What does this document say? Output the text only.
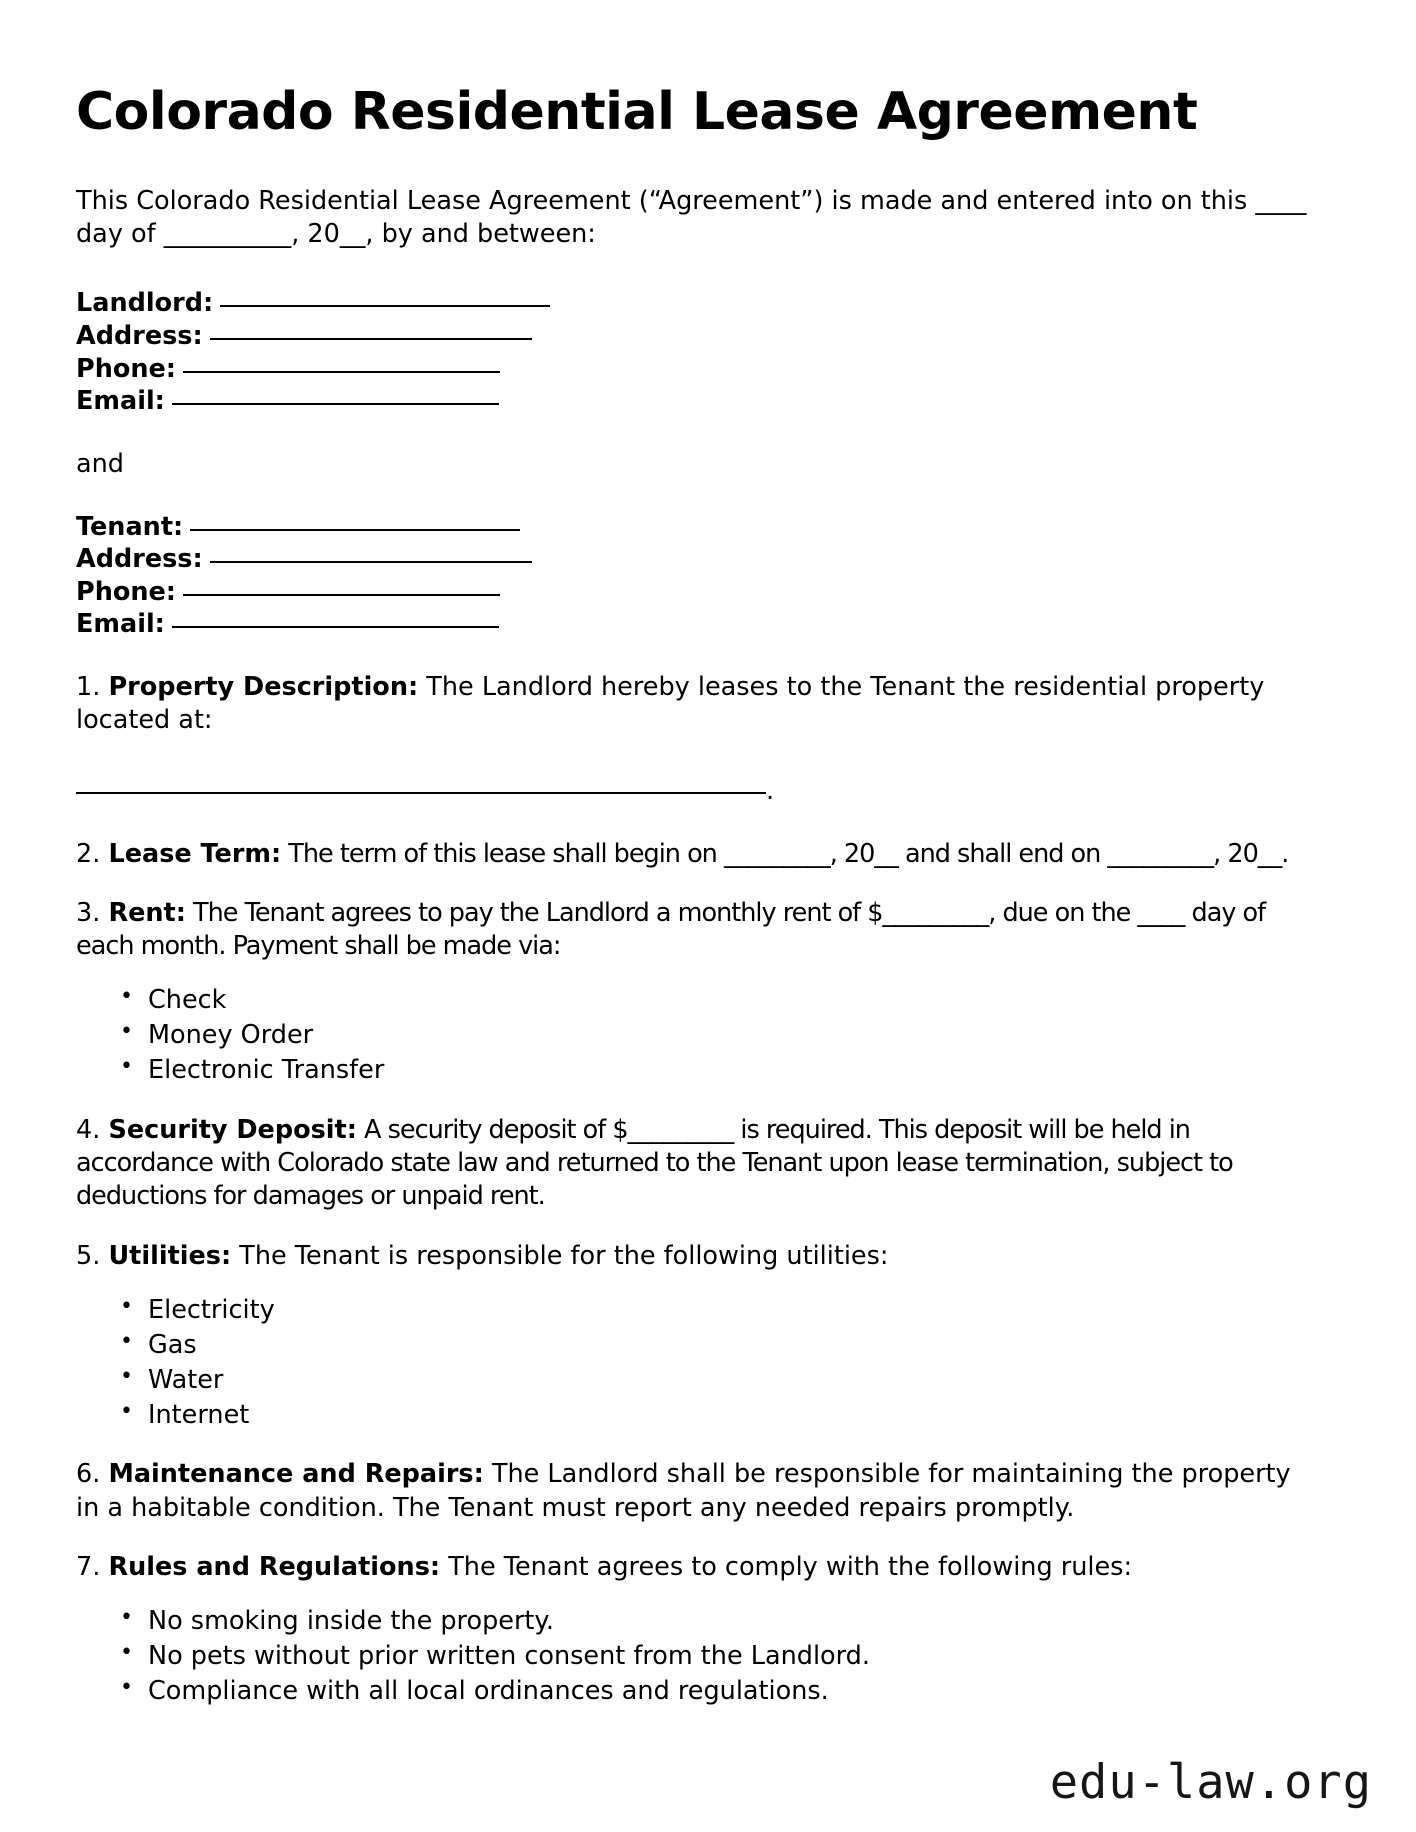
Colorado Residential Lease Agreement

This Colorado Residential Lease Agreement (“Agreement”) is made and entered into on this ____ day of __________, 20__, by and between:

Landlord:
Address:
Phone:
Email:

and

Tenant:
Address:
Phone:
Email:

1. Property Description: The Landlord hereby leases to the Tenant the residential property located at:

.

2. Lease Term: The term of this lease shall begin on _________, 20__ and shall end on _________, 20__.

3. Rent: The Tenant agrees to pay the Landlord a monthly rent of $_________, due on the ____ day of each month. Payment shall be made via:

• Check
• Money Order
• Electronic Transfer

4. Security Deposit: A security deposit of $_________ is required. This deposit will be held in accordance with Colorado state law and returned to the Tenant upon lease termination, subject to deductions for damages or unpaid rent.

5. Utilities: The Tenant is responsible for the following utilities:

• Electricity
• Gas
• Water
• Internet

6. Maintenance and Repairs: The Landlord shall be responsible for maintaining the property in a habitable condition. The Tenant must report any needed repairs promptly.

7. Rules and Regulations: The Tenant agrees to comply with the following rules:

• No smoking inside the property.
• No pets without prior written consent from the Landlord.
• Compliance with all local ordinances and regulations.
edu-law.org
